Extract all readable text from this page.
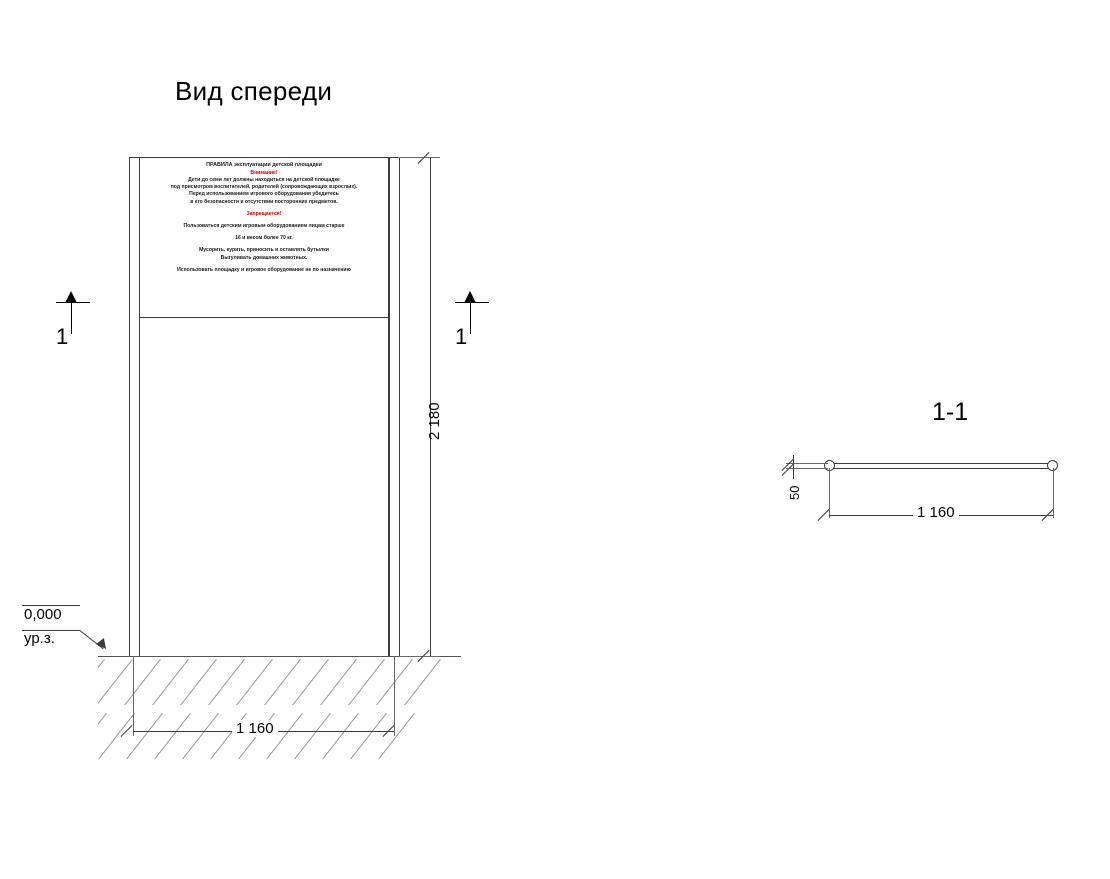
Вид спереди
1-1
ПРАВИЛА эксплуатации детской площадки
Внимание!
Дети до семи лет должны находиться на детской площадке
под присмотром воспитателей, родителей (сопровождающих взрослых).
Перед использованием игрового оборудования убедитесь
в его безопасности и отсутствии посторонних предметов.
Запрещается!
Пользоваться детским игровым оборудованием лицам старше
16 и весом более 70 кг.
Мусорить, курить, приносить и оставлять бутылки
Выгуливать домашних животных.
Использовать площадку и игровое оборудование не по назначению
2 180
1 160
1	1
0,000
ур.з.
1 160
50
